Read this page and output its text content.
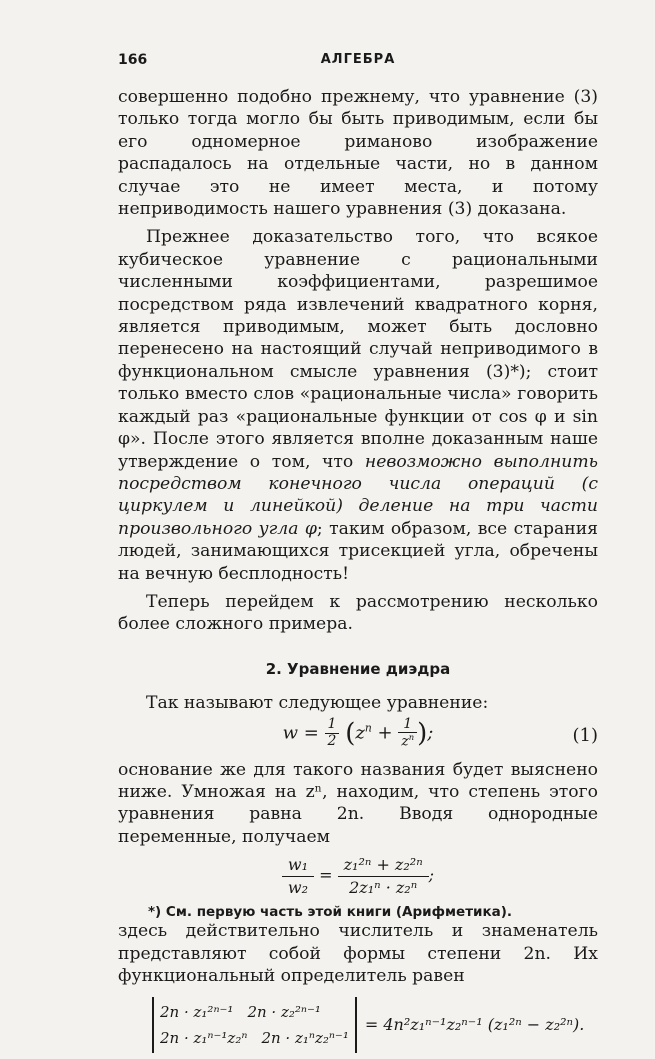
166	АЛГЕБРА

совершенно подобно прежнему, что уравнение (3) только тогда могло бы быть приводимым, если бы его одномерное риманово изображение распадалось на отдельные части, но в данном случае это не имеет места, и потому неприводимость нашего уравнения (3) доказана.

Прежнее доказательство того, что всякое кубическое уравнение с рациональными численными коэффициентами, разрешимое посредством ряда извлечений квадратного корня, является приводимым, может быть дословно перенесено на настоящий случай неприводимого в функциональном смысле уравнения (3)*); стоит только вместо слов «рациональные числа» говорить каждый раз «рациональные функции от cos φ и sin φ». После этого является вполне доказанным наше утверждение о том, что невозможно выполнить посредством конечного числа операций (с циркулем и линейкой) деление на три части произвольного угла φ; таким образом, все старания людей, занимающихся трисекцией угла, обречены на вечную бесплодность!

Теперь перейдем к рассмотрению несколько более сложного примера.

2. Уравнение диэдра

Так называют следующее уравнение:

$w = \frac{1}{2} (z^n + \frac{1}{z^n}$ );	(1)

основание же для такого названия будет выяснено ниже. Умножая на zⁿ, находим, что степень этого уравнения равна 2n. Вводя однородные переменные, получаем

$\frac{\text{w₁}}{\text{w₂}} = \frac{\text{z₁²ⁿ + z₂²ⁿ}}{\text{2z₁ⁿ · z₂ⁿ}}$ ;

здесь действительно числитель и знаменатель представляют собой формы степени 2n. Их функциональный определитель равен

2n · z₁²ⁿ⁻¹ 2n · z₂²ⁿ⁻¹
2n · z₁ⁿ⁻¹z₂ⁿ 2n · z₁ⁿz₂ⁿ⁻¹
= 4n²z₁ⁿ⁻¹z₂ⁿ⁻¹ (z₁²ⁿ − z₂²ⁿ).
*) См. первую часть этой книги (Арифметика).
